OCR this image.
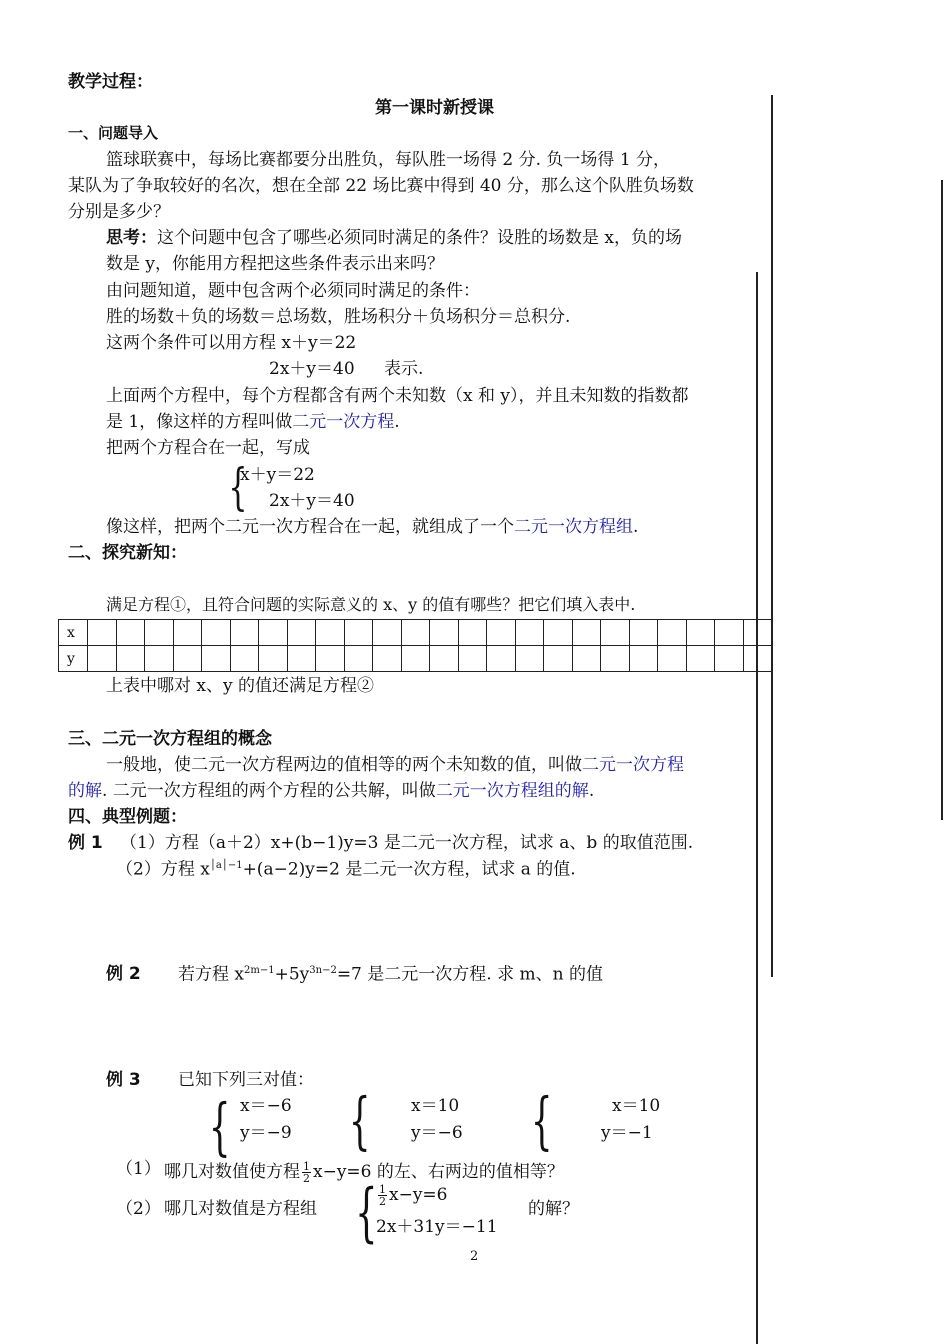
教学过程：
第一课时新授课
一、问题导入
篮球联赛中，每场比赛都要分出胜负，每队胜一场得 2 分. 负一场得 1 分，
某队为了争取较好的名次，想在全部 22 场比赛中得到 40 分，那么这个队胜负场数
分别是多少？
思考：这个问题中包含了哪些必须同时满足的条件？设胜的场数是 x，负的场
数是 y，你能用方程把这些条件表示出来吗？
由问题知道，题中包含两个必须同时满足的条件：
胜的场数＋负的场数＝总场数，胜场积分＋负场积分＝总积分.
这两个条件可以用方程 x＋y＝22
2x＋y＝40 表示.
上面两个方程中，每个方程都含有两个未知数（x 和 y），并且未知数的指数都
是 1，像这样的方程叫做二元一次方程.
把两个方程合在一起，写成
{
x＋y＝22
2x＋y＝40
像这样，把两个二元一次方程合在一起，就组成了一个二元一次方程组.
二、探究新知：
满足方程①，且符合问题的实际意义的 x、y 的值有哪些？把它们填入表中.
x																								
y																								
上表中哪对 x、y 的值还满足方程②
三、二元一次方程组的概念
一般地，使二元一次方程两边的值相等的两个未知数的值，叫做二元一次方程
的解. 二元一次方程组的两个方程的公共解，叫做二元一次方程组的解.
四、典型例题：
例 1 （1）方程（a＋2）x+(b−1)y=3 是二元一次方程，试求 a、b 的取值范围.
（2）方程 $x^{│a│-1}+(a-2)y=2$ 是二元一次方程，试求 a 的值.
例 2 若方程 $x^{2m-1}+5y^{3n-2}=7$ 是二元一次方程. 求 m、n 的值
例 3 已知下列三对值：
{ x＝−6
y＝−9 { x＝10
y＝−6 {	x＝10
y＝−1
（1） 哪几对数值使方程 $\frac{1}{2} x-y=6$ 的左、右两边的值相等？
（2） 哪几对数值是方程组 { $\frac{1}{2} x-y=6$
2x＋31y＝−11
的解？
2
